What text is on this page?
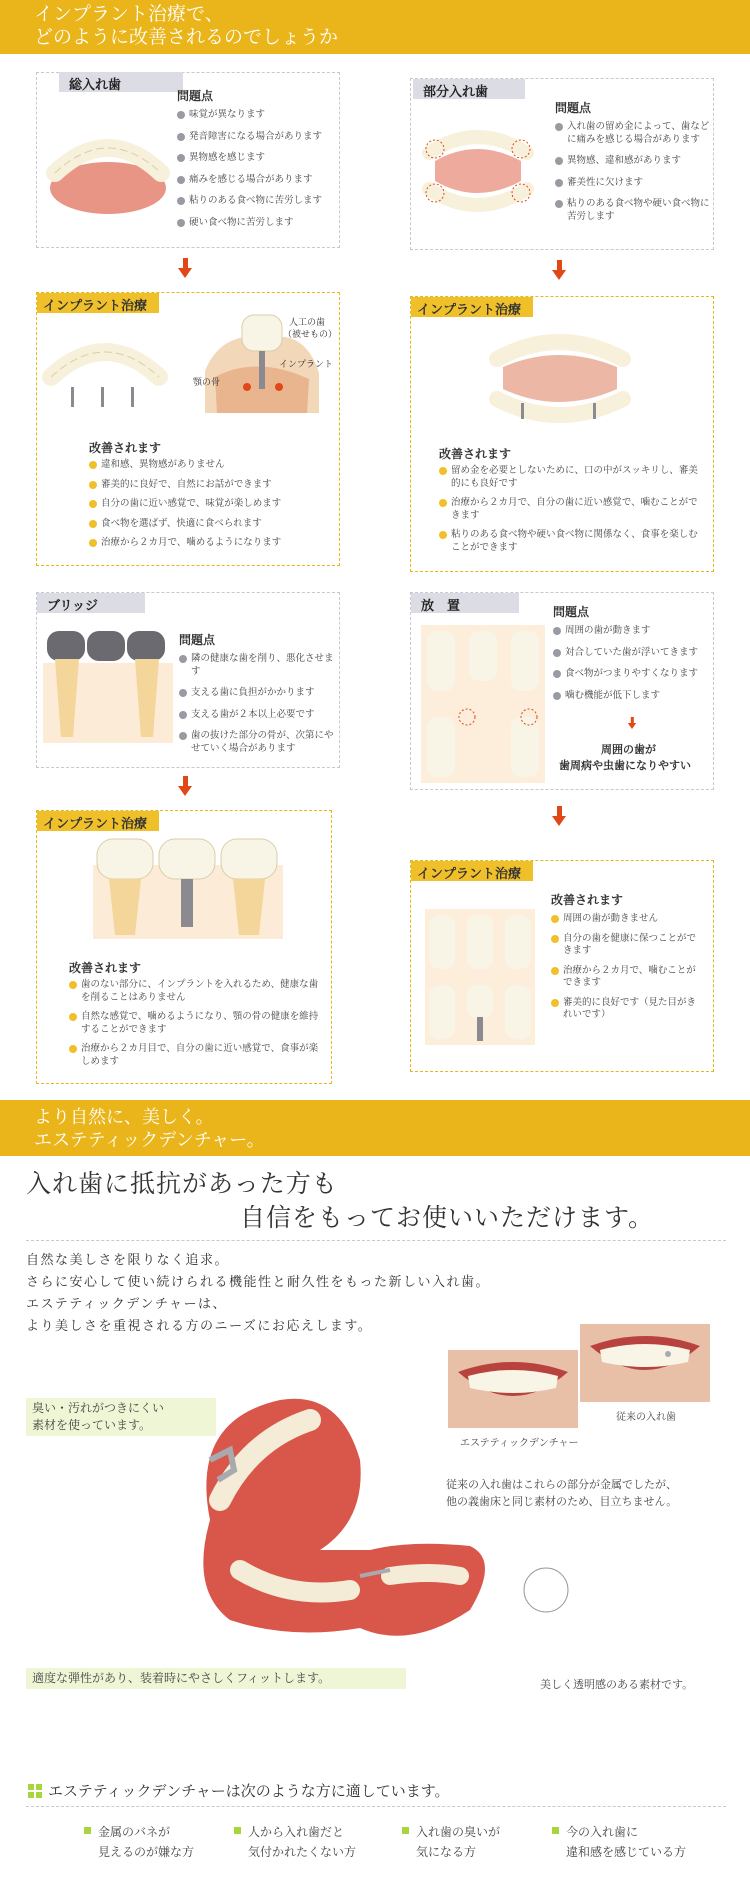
インプラント治療で、
どのように改善されるのでしょうか
総入れ歯
問題点
味覚が異なります
発音障害になる場合があります
異物感を感じます
痛みを感じる場合があります
粘りのある食べ物に苦労します
硬い食べ物に苦労します
インプラント治療
人工の歯
（被せもの）
インプラント
顎の骨
改善されます
違和感、異物感がありません
審美的に良好で、自然にお話ができます
自分の歯に近い感覚で、味覚が楽しめます
食べ物を選ばず、快適に食べられます
治療から２カ月で、噛めるようになります
部分入れ歯
問題点
入れ歯の留め金によって、歯などに痛みを感じる場合があります
異物感、違和感があります
審美性に欠けます
粘りのある食べ物や硬い食べ物に苦労します
インプラント治療
改善されます
留め金を必要としないために、口の中がスッキリし、審美的にも良好です
治療から２カ月で、自分の歯に近い感覚で、噛むことができます
粘りのある食べ物や硬い食べ物に関係なく、食事を楽しむことができます
ブリッジ
問題点
隣の健康な歯を削り、悪化させます
支える歯に負担がかかります
支える歯が２本以上必要です
歯の抜けた部分の骨が、次第にやせていく場合があります
インプラント治療
改善されます
歯のない部分に、インプラントを入れるため、健康な歯を削ることはありません
自然な感覚で、噛めるようになり、顎の骨の健康を維持することができます
治療から２カ月目で、自分の歯に近い感覚で、食事が楽しめます
放　置	問題点
周囲の歯が動きます
対合していた歯が浮いてきます
食べ物がつまりやすくなります
噛む機能が低下します
周囲の歯が
歯周病や虫歯になりやすい
インプラント治療
改善されます
周囲の歯が動きません
自分の歯を健康に保つことができます
治療から２カ月で、噛むことができます
審美的に良好です（見た目がきれいです）
より自然に、美しく。
エステティックデンチャー。
入れ歯に抵抗があった方も
自信をもってお使いいただけます。
自然な美しさを限りなく追求。
さらに安心して使い続けられる機能性と耐久性をもった新しい入れ歯。
エステティックデンチャーは、
より美しさを重視される方のニーズにお応えします。
エステティックデンチャー
従来の入れ歯
臭い・汚れがつきにくい
素材を使っています。
従来の入れ歯はこれらの部分が金属でしたが、
他の義歯床と同じ素材のため、目立ちません。
適度な弾性があり、装着時にやさしくフィットします。	美しく透明感のある素材です。
エステティックデンチャーは次のような方に適しています。
金属のバネが
見えるのが嫌な方
人から入れ歯だと
気付かれたくない方
入れ歯の臭いが
気になる方
今の入れ歯に
違和感を感じている方
